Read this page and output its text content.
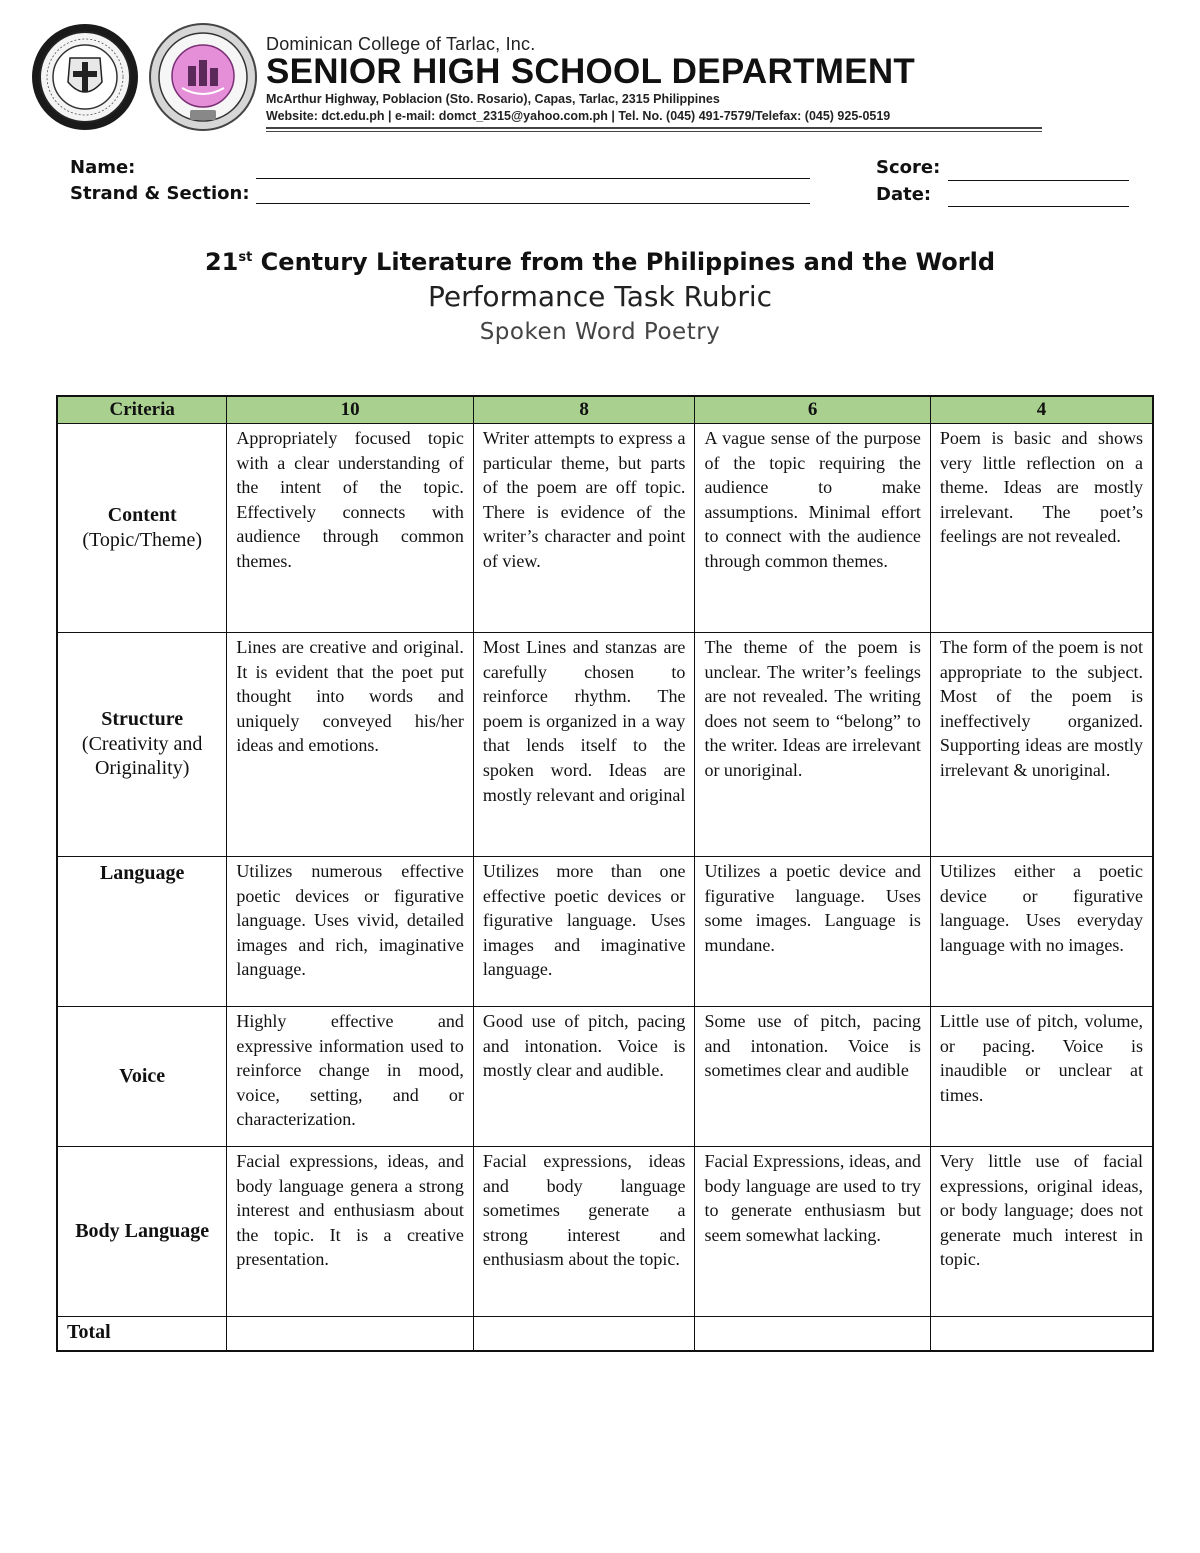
Dominican College of Tarlac, Inc.
SENIOR HIGH SCHOOL DEPARTMENT
McArthur Highway, Poblacion (Sto. Rosario), Capas, Tarlac, 2315 Philippines
Website: dct.edu.ph | e-mail: domct_2315@yahoo.com.ph | Tel. No. (045) 491-7579/Telefax: (045) 925-0519
Name:
Strand & Section:
Score:
Date:
21st Century Literature from the Philippines and the World
Performance Task Rubric
Spoken Word Poetry
Criteria	10	8	6	4

Content
(Topic/Theme)	Appropriately focused topic with a clear understanding of the intent of the topic. Effectively connects with audience through common themes.	Writer attempts to express a particular theme, but parts of the poem are off topic. There is evidence of the writer’s character and point of view.	A vague sense of the purpose of the topic requiring the audience to make assumptions. Minimal effort to connect with the audience through common themes.	Poem is basic and shows very little reflection on a theme. Ideas are mostly irrelevant. The poet’s feelings are not revealed.

Structure
(Creativity and Originality)	Lines are creative and original. It is evident that the poet put thought into words and uniquely conveyed his/her ideas and emotions.	Most Lines and stanzas are carefully chosen to reinforce rhythm. The poem is organized in a way that lends itself to the spoken word. Ideas are mostly relevant and original	The theme of the poem is unclear. The writer’s feelings are not revealed. The writing does not seem to “belong” to the writer. Ideas are irrelevant or unoriginal.	The form of the poem is not appropriate to the subject. Most of the poem is ineffectively organized. Supporting ideas are mostly irrelevant & unoriginal.

Language	Utilizes numerous effective poetic devices or figurative language. Uses vivid, detailed images and rich, imaginative language.	Utilizes more than one effective poetic devices or figurative language. Uses images and imaginative language.	Utilizes a poetic device and figurative language. Uses some images. Language is mundane.	Utilizes either a poetic device or figurative language. Uses everyday language with no images.

Voice	Highly effective and expressive information used to reinforce change in mood, voice, setting, and or characterization.	Good use of pitch, pacing and intonation. Voice is mostly clear and audible.	Some use of pitch, pacing and intonation. Voice is sometimes clear and audible	Little use of pitch, volume, or pacing. Voice is inaudible or unclear at times.

Body Language	Facial expressions, ideas, and body language genera a strong interest and enthusiasm about the topic. It is a creative presentation.	Facial expressions, ideas and body language sometimes generate a strong interest and enthusiasm about the topic.	Facial Expressions, ideas, and body language are used to try to generate enthusiasm but seem somewhat lacking.	Very little use of facial expressions, original ideas, or body language; does not generate much interest in topic.
Total				
